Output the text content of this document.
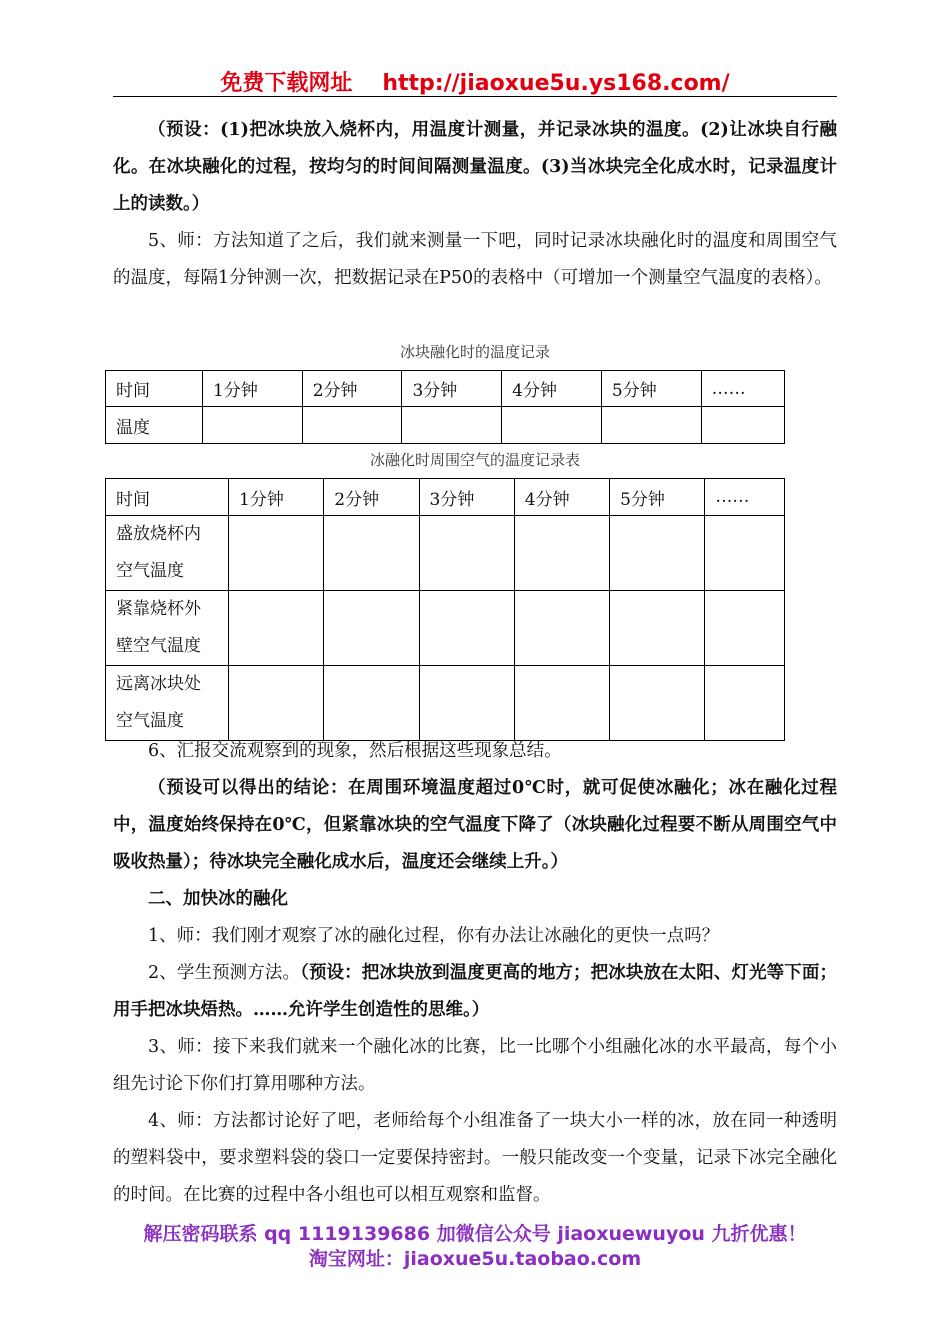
免费下载网址 http://jiaoxue5u.ys168.com/

（预设：(1)把冰块放入烧杯内，用温度计测量，并记录冰块的温度。(2)让冰块自行融化。在冰块融化的过程，按均匀的时间间隔测量温度。(3)当冰块完全化成水时，记录温度计上的读数。）

5、师：方法知道了之后，我们就来测量一下吧，同时记录冰块融化时的温度和周围空气的温度，每隔1分钟测一次，把数据记录在P50的表格中（可增加一个测量空气温度的表格）。

冰块融化时的温度记录
时间	1分钟	2分钟	3分钟	4分钟	5分钟	……
温度						
冰融化时周围空气的温度记录表
时间	1分钟	2分钟	3分钟	4分钟	5分钟	……
盛放烧杯内
空气温度						
紧靠烧杯外
壁空气温度						
远离冰块处
空气温度						

6、汇报交流观察到的现象，然后根据这些现象总结。

（预设可以得出的结论：在周围环境温度超过0℃时，就可促使冰融化；冰在融化过程中，温度始终保持在0℃，但紧靠冰块的空气温度下降了（冰块融化过程要不断从周围空气中吸收热量）；待冰块完全融化成水后，温度还会继续上升。）

二、加快冰的融化

1、师：我们刚才观察了冰的融化过程，你有办法让冰融化的更快一点吗？

2、学生预测方法。（预设：把冰块放到温度更高的地方；把冰块放在太阳、灯光等下面；用手把冰块焐热。……允许学生创造性的思维。）

3、师：接下来我们就来一个融化冰的比赛，比一比哪个小组融化冰的水平最高，每个小组先讨论下你们打算用哪种方法。

4、师：方法都讨论好了吧，老师给每个小组准备了一块大小一样的冰，放在同一种透明的塑料袋中，要求塑料袋的袋口一定要保持密封。一般只能改变一个变量，记录下冰完全融化的时间。在比赛的过程中各小组也可以相互观察和监督。

解压密码联系 qq 1119139686 加微信公众号 jiaoxuewuyou 九折优惠！
淘宝网址：jiaoxue5u.taobao.com
